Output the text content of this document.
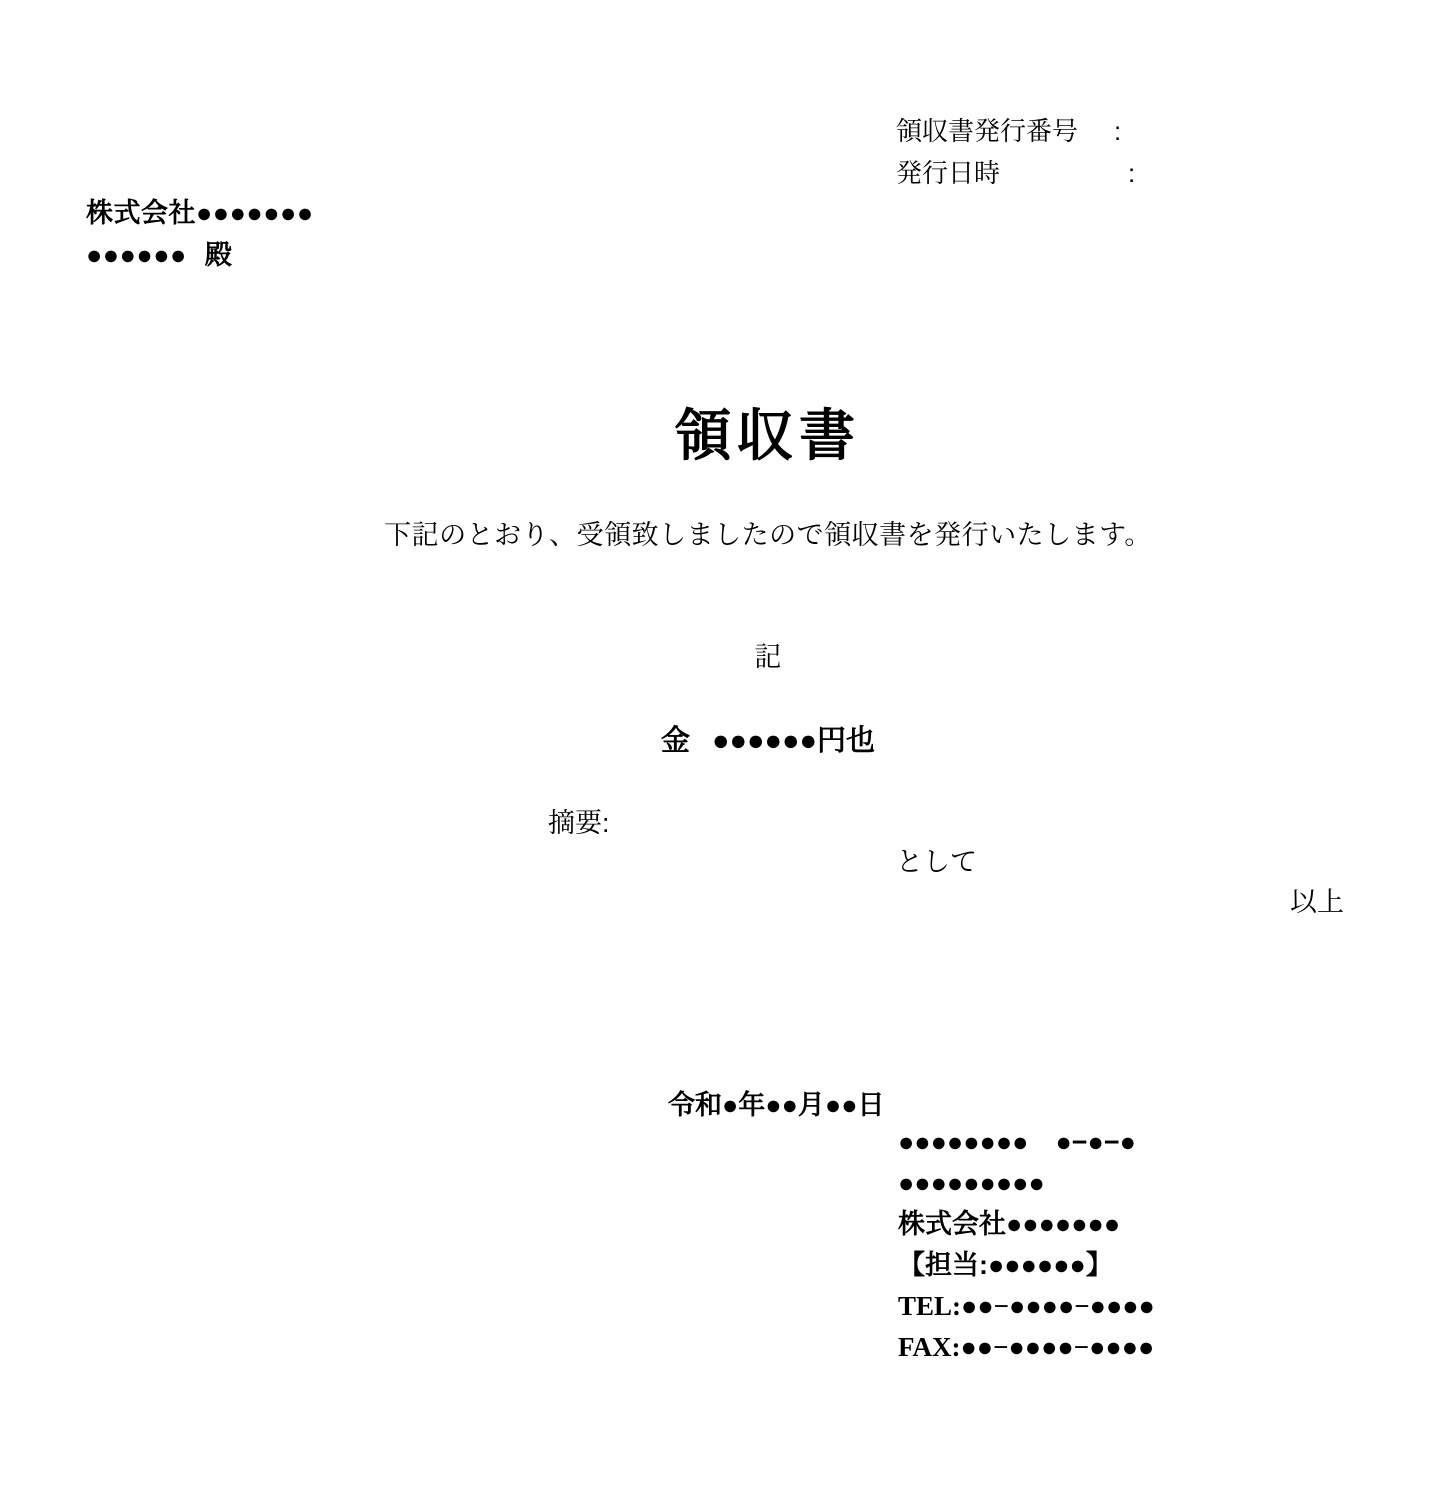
領収書発行番号 :
発行日時	:
株式会社●●●●●●●
●●●●●● 殿
領収書
下記のとおり、受領致しましたので領収書を発行いたします。
記
金 ●●●●●●円也
摘要:
として
以上
令和●年●●月●●日
●●●●●●●●　●−●−●
●●●●●●●●●
株式会社●●●●●●●
【担当:●●●●●●】
TEL:●●−●●●●−●●●●
FAX:●●−●●●●−●●●●
